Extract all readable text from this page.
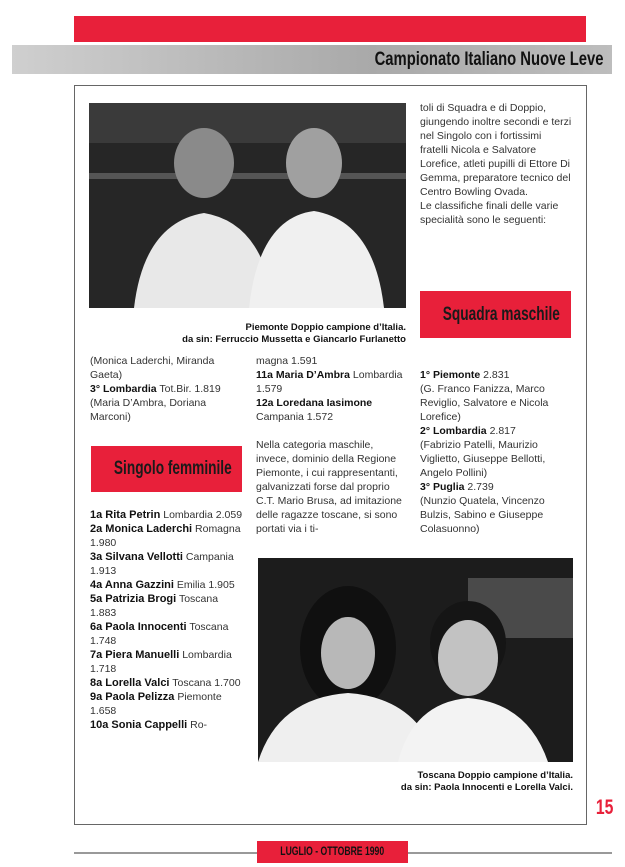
Campionato Italiano Nuove Leve
Piemonte Doppio campione d’Italia.
da sin: Ferruccio Mussetta e Giancarlo Furlanetto

toli di Squadra e di Doppio, giungendo inoltre secondi e terzi nel Singolo con i fortissimi fratelli Nicola e Salvatore Lorefice, atleti pupilli di Ettore Di Gemma, preparatore tecnico del Centro Bowling Ovada.

Le classifiche finali delle varie specialità sono le seguenti:

Squadra maschile

(Monica Laderchi, Miranda Gaeta)

3° Lombardia Tot.Bir. 1.819

(Maria D’Ambra, Doriana Marconi)

Singolo femminile
1a Rita Petrin Lombardia 2.059
2a Monica Laderchi Romagna 1.980
3a Silvana Vellotti Campania 1.913
4a Anna Gazzini Emilia 1.905
5a Patrizia Brogi Toscana 1.883
6a Paola Innocenti Toscana 1.748
7a Piera Manuelli Lombardia 1.718
8a Lorella Valci Toscana 1.700
9a Paola Pelizza Piemonte 1.658
10a Sonia Cappelli Ro-

magna 1.591

11a Maria D’Ambra Lombardia 1.579

12a Loredana Iasimone Campania 1.572

Nella categoria maschile, invece, dominio della Regione Piemonte, i cui rappresentanti, galvanizzati forse dal proprio C.T. Mario Brusa, ad imitazione delle ragazze toscane, si sono portati via i ti-

1° Piemonte 2.831

(G. Franco Fanizza, Marco Reviglio, Salvatore e Nicola Lorefice)

2° Lombardia 2.817

(Fabrizio Patelli, Maurizio Viglietto, Giuseppe Bellotti, Angelo Pollini)

3° Puglia 2.739

(Nunzio Quatela, Vincenzo Bulzis, Sabino e Giuseppe Colasuonno)

Toscana Doppio campione d’Italia.
da sin: Paola Innocenti e Lorella Valci.
15
LUGLIO - OTTOBRE 1990
